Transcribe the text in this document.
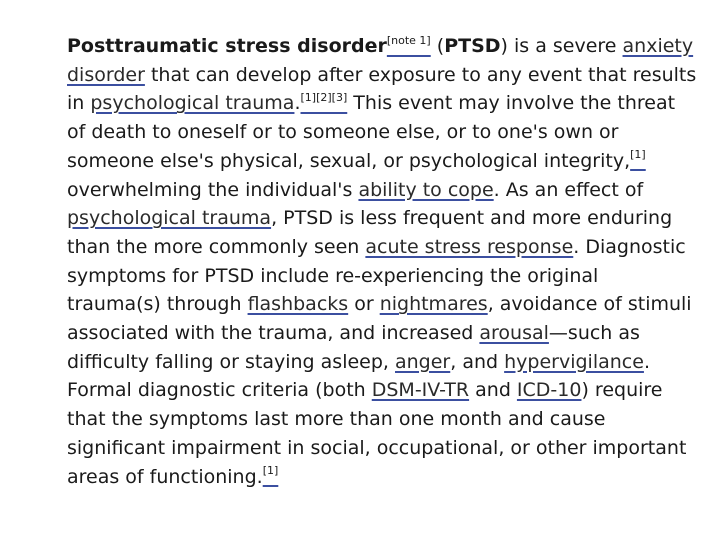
Posttraumatic stress disorder[note 1] (PTSD) is a severe anxiety disorder that can develop after exposure to any event that results in psychological trauma.[1][2][3] This event may involve the threat of death to oneself or to someone else, or to one's own or someone else's physical, sexual, or psychological integrity,[1] overwhelming the individual's ability to cope. As an effect of psychological trauma, PTSD is less frequent and more enduring than the more commonly seen acute stress response. Diagnostic symptoms for PTSD include re-experiencing the original trauma(s) through flashbacks or nightmares, avoidance of stimuli associated with the trauma, and increased arousal—such as difficulty falling or staying asleep, anger, and hypervigilance. Formal diagnostic criteria (both DSM-IV-TR and ICD-10) require that the symptoms last more than one month and cause significant impairment in social, occupational, or other important areas of functioning.[1]
